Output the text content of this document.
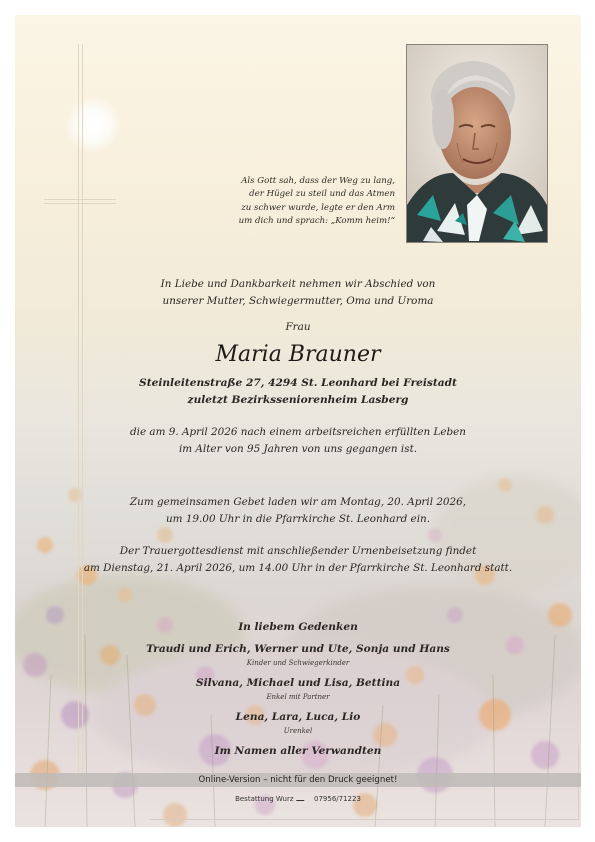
Als Gott sah, dass der Weg zu lang,
der Hügel zu steil und das Atmen
zu schwer wurde, legte er den Arm
um dich und sprach: „Komm heim!“
In Liebe und Dankbarkeit nehmen wir Abschied von
unserer Mutter, Schwiegermutter, Oma und Uroma
Frau
Maria Brauner
Steinleitenstraße 27, 4294 St. Leonhard bei Freistadt
zuletzt Bezirksseniorenheim Lasberg
die am 9. April 2026 nach einem arbeitsreichen erfüllten Leben
im Alter von 95 Jahren von uns gegangen ist.
Zum gemeinsamen Gebet laden wir am Montag, 20. April 2026,
um 19.00 Uhr in die Pfarrkirche St. Leonhard ein.
Der Trauergottesdienst mit anschließender Urnenbeisetzung findet
am Dienstag, 21. April 2026, um 14.00 Uhr in der Pfarrkirche St. Leonhard statt.
In liebem Gedenken
Traudi und Erich, Werner und Ute, Sonja und Hans
Kinder und Schwiegerkinder
Silvana, Michael und Lisa, Bettina
Enkel mit Partner
Lena, Lara, Luca, Lio
Urenkel
Im Namen aller Verwandten
Online-Version – nicht für den Druck geeignet!
Bestattung Wurz	07956/71223
